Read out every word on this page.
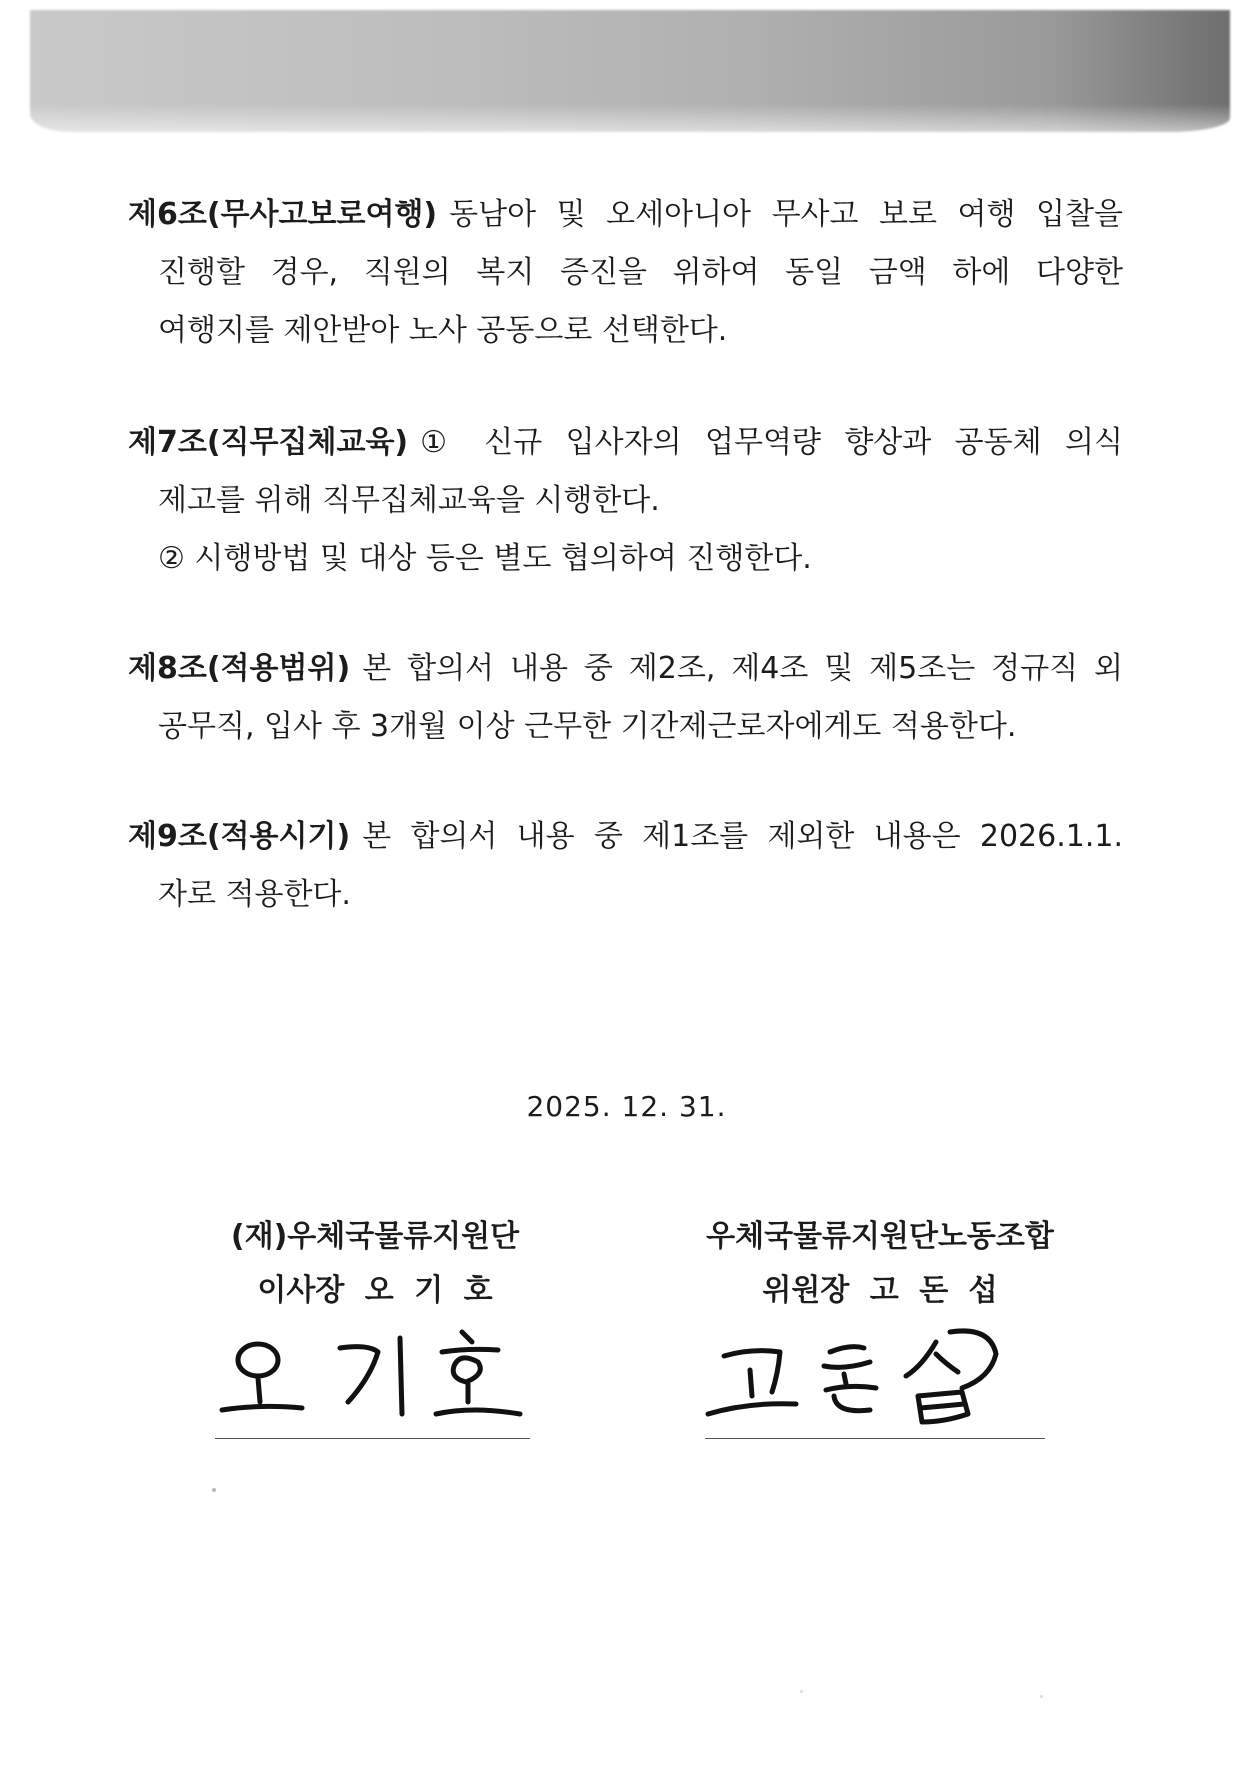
제6조(무사고보로여행) 동남아 및 오세아니아 무사고 보로 여행 입찰을
진행할 경우, 직원의 복지 증진을 위하여 동일 금액 하에 다양한
여행지를 제안받아 노사 공동으로 선택한다.
제7조(직무집체교육) ① 신규 입사자의 업무역량 향상과 공동체 의식
제고를 위해 직무집체교육을 시행한다.
② 시행방법 및 대상 등은 별도 협의하여 진행한다.
제8조(적용범위) 본 합의서 내용 중 제2조, 제4조 및 제5조는 정규직 외
공무직, 입사 후 3개월 이상 근무한 기간제근로자에게도 적용한다.
제9조(적용시기) 본 합의서 내용 중 제1조를 제외한 내용은 2026.1.1.
자로 적용한다.
2025. 12. 31.
(재)우체국물류지원단
이사장 오 기 호
우체국물류지원단노동조합
위원장 고 돈 섭
